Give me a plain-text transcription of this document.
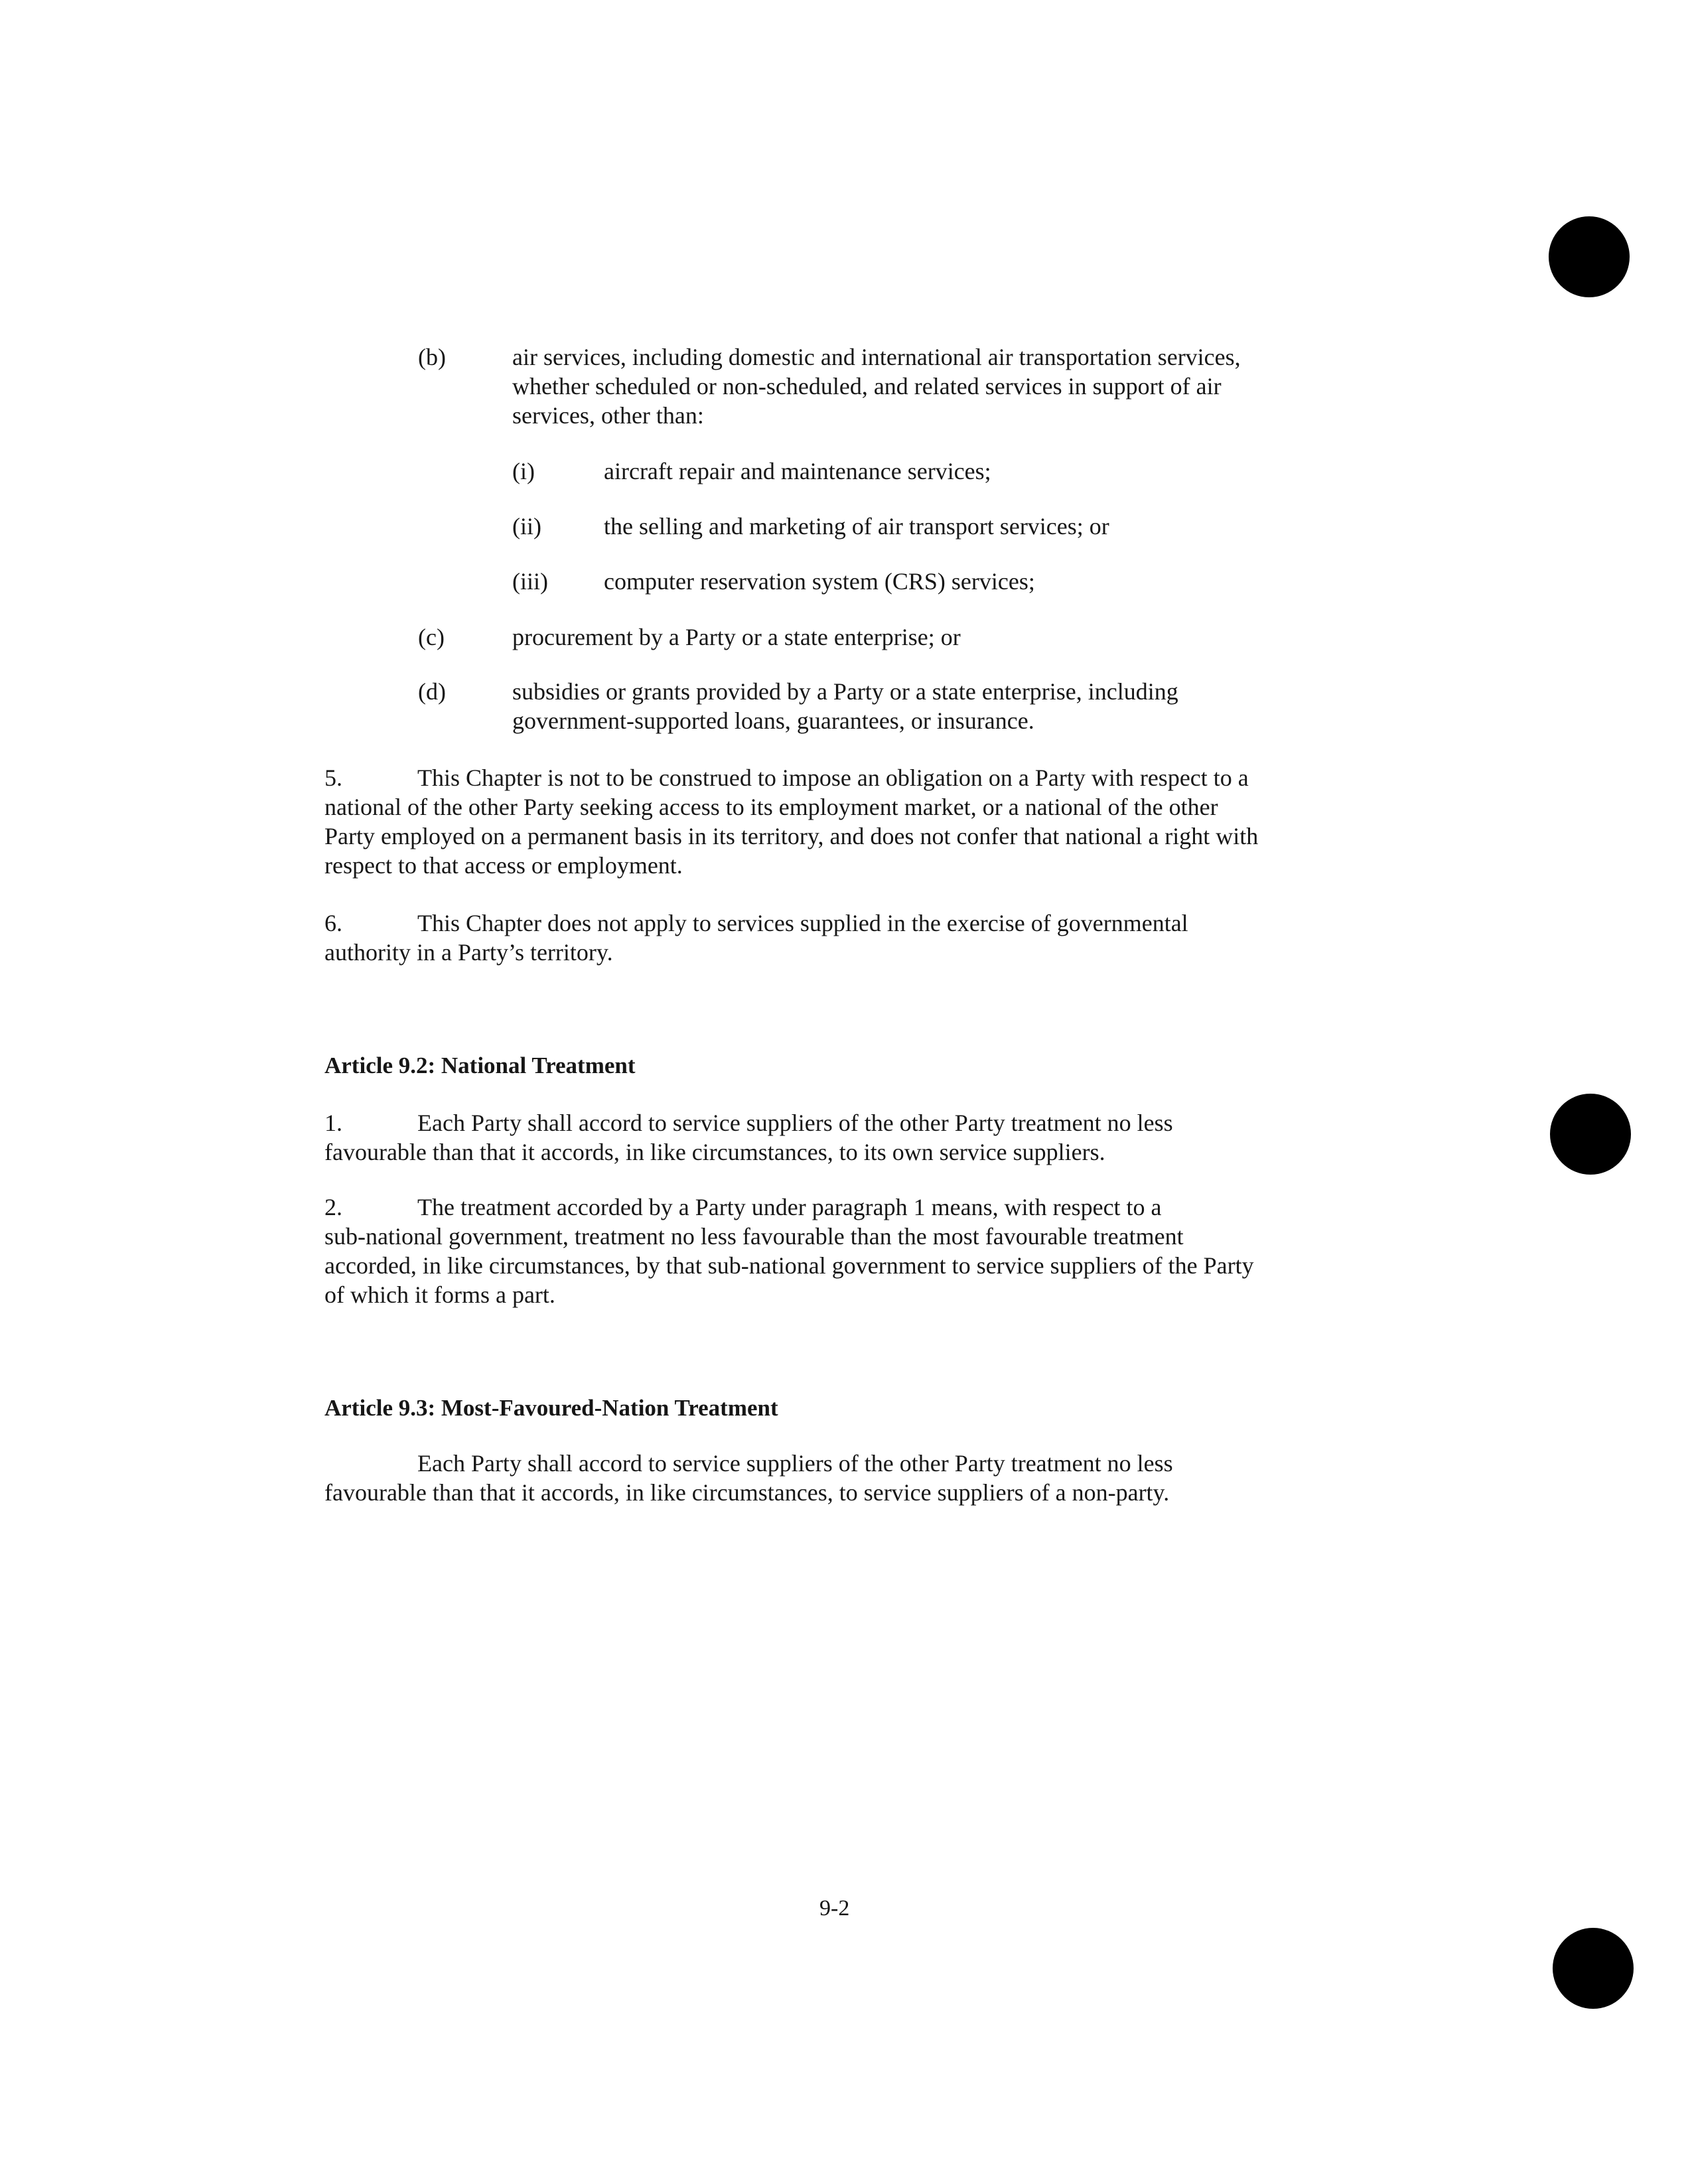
(b)	air services, including domestic and international air transportation services,
whether scheduled or non-scheduled, and related services in support of air
services, other than:
(i)	aircraft repair and maintenance services;
(ii)	the selling and marketing of air transport services; or
(iii)	computer reservation system (CRS) services;
(c)	procurement by a Party or a state enterprise; or
(d)	subsidies or grants provided by a Party or a state enterprise, including
government-supported loans, guarantees, or insurance.
5.	This Chapter is not to be construed to impose an obligation on a Party with respect to a
national of the other Party seeking access to its employment market, or a national of the other
Party employed on a permanent basis in its territory, and does not confer that national a right with
respect to that access or employment.
6.	This Chapter does not apply to services supplied in the exercise of governmental
authority in a Party’s territory.
Article 9.2: National Treatment
1.	Each Party shall accord to service suppliers of the other Party treatment no less
favourable than that it accords, in like circumstances, to its own service suppliers.
2.	The treatment accorded by a Party under paragraph 1 means, with respect to a
sub-national government, treatment no less favourable than the most favourable treatment
accorded, in like circumstances, by that sub-national government to service suppliers of the Party
of which it forms a part.
Article 9.3: Most-Favoured-Nation Treatment
Each Party shall accord to service suppliers of the other Party treatment no less
favourable than that it accords, in like circumstances, to service suppliers of a non-party.
9-2
